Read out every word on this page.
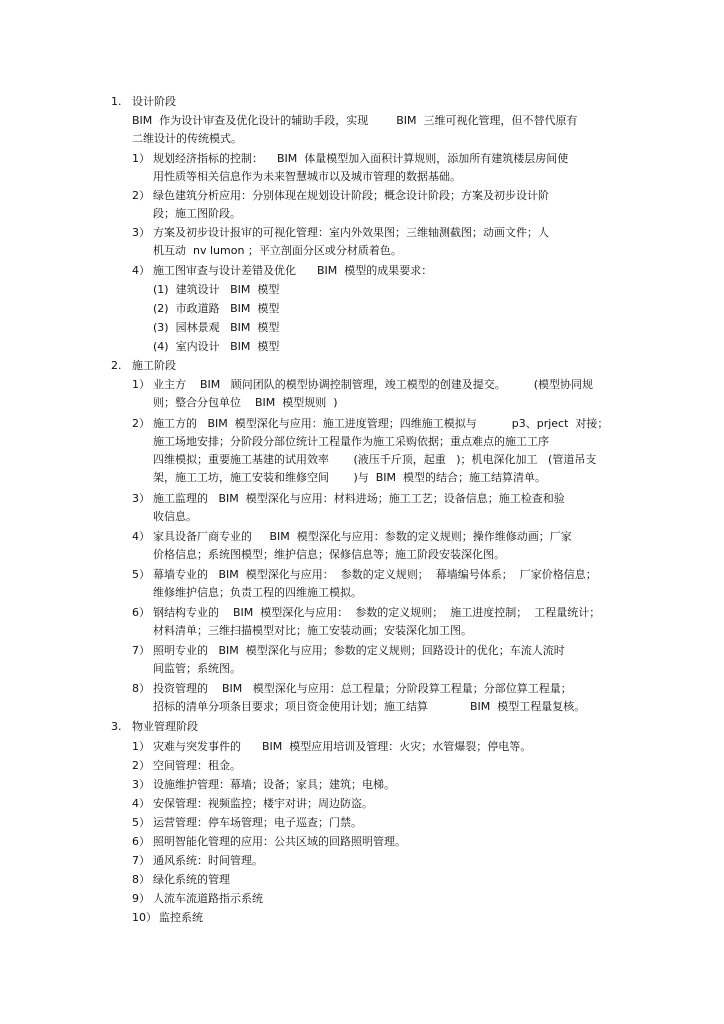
1. 设计阶段
BIM  作为设计审查及优化设计的辅助手段，实现        BIM  三维可视化管理，但不替代原有
二维设计的传统模式。
1） 规划经济指标的控制：    BIM  体量模型加入面积计算规则，添加所有建筑楼层房间使
用性质等相关信息作为未来智慧城市以及城市管理的数据基础。
2） 绿色建筑分析应用：分别体现在规划设计阶段；概念设计阶段；方案及初步设计阶
段；施工图阶段。
3） 方案及初步设计报审的可视化管理：室内外效果图；三维轴测截图；动画文件；人
机互动  nv lumon ；平立剖面分区或分材质着色。
4） 施工图审查与设计差错及优化      BIM  模型的成果要求：
(1)  建筑设计   BIM  模型
(2)  市政道路   BIM  模型
(3)  园林景观   BIM  模型
(4)  室内设计   BIM  模型
2. 施工阶段
1） 业主方    BIM   顾问团队的模型协调控制管理，竣工模型的创建及提交。        (模型协同规
则；整合分包单位    BIM  模型规则  )
2） 施工方的   BIM  模型深化与应用：施工进度管理；四维施工模拟与          p3、prject  对接；
施工场地安排；分阶段分部位统计工程量作为施工采购依据；重点难点的施工工序
四维模拟；重要施工基建的试用效率       (液压千斤顶，起重   )；机电深化加工   (管道吊支
架，施工工坊，施工安装和维修空间       )与  BIM  模型的结合；施工结算清单。
3） 施工监理的   BIM  模型深化与应用：材料进场；施工工艺；设备信息；施工检查和验
收信息。
4） 家具设备厂商专业的     BIM  模型深化与应用：参数的定义规则；操作维修动画；厂家
价格信息；系统图模型；维护信息；保修信息等；施工阶段安装深化图。
5） 幕墙专业的   BIM  模型深化与应用：  参数的定义规则；  幕墙编号体系；  厂家价格信息；
维修维护信息；负责工程的四维施工模拟。
6） 钢结构专业的    BIM  模型深化与应用：  参数的定义规则；  施工进度控制；  工程量统计；
材料清单；三维扫描模型对比；施工安装动画；安装深化加工图。
7） 照明专业的   BIM  模型深化与应用；参数的定义规则；回路设计的优化；车流人流时
间监管；系统图。
8） 投资管理的    BIM   模型深化与应用：总工程量；分阶段算工程量；分部位算工程量；
招标的清单分项条目要求；项目资金使用计划；施工结算            BIM  模型工程量复核。
3. 物业管理阶段
1） 灾难与突发事件的      BIM  模型应用培训及管理：火灾；水管爆裂；停电等。
2） 空间管理：租金。
3） 设施维护管理：幕墙；设备；家具；建筑；电梯。
4） 安保管理：视频监控；楼宇对讲；周边防盗。
5） 运营管理：停车场管理；电子巡查；门禁。
6） 照明智能化管理的应用：公共区域的回路照明管理。
7） 通风系统：时间管理。
8） 绿化系统的管理
9） 人流车流道路指示系统
10） 监控系统
